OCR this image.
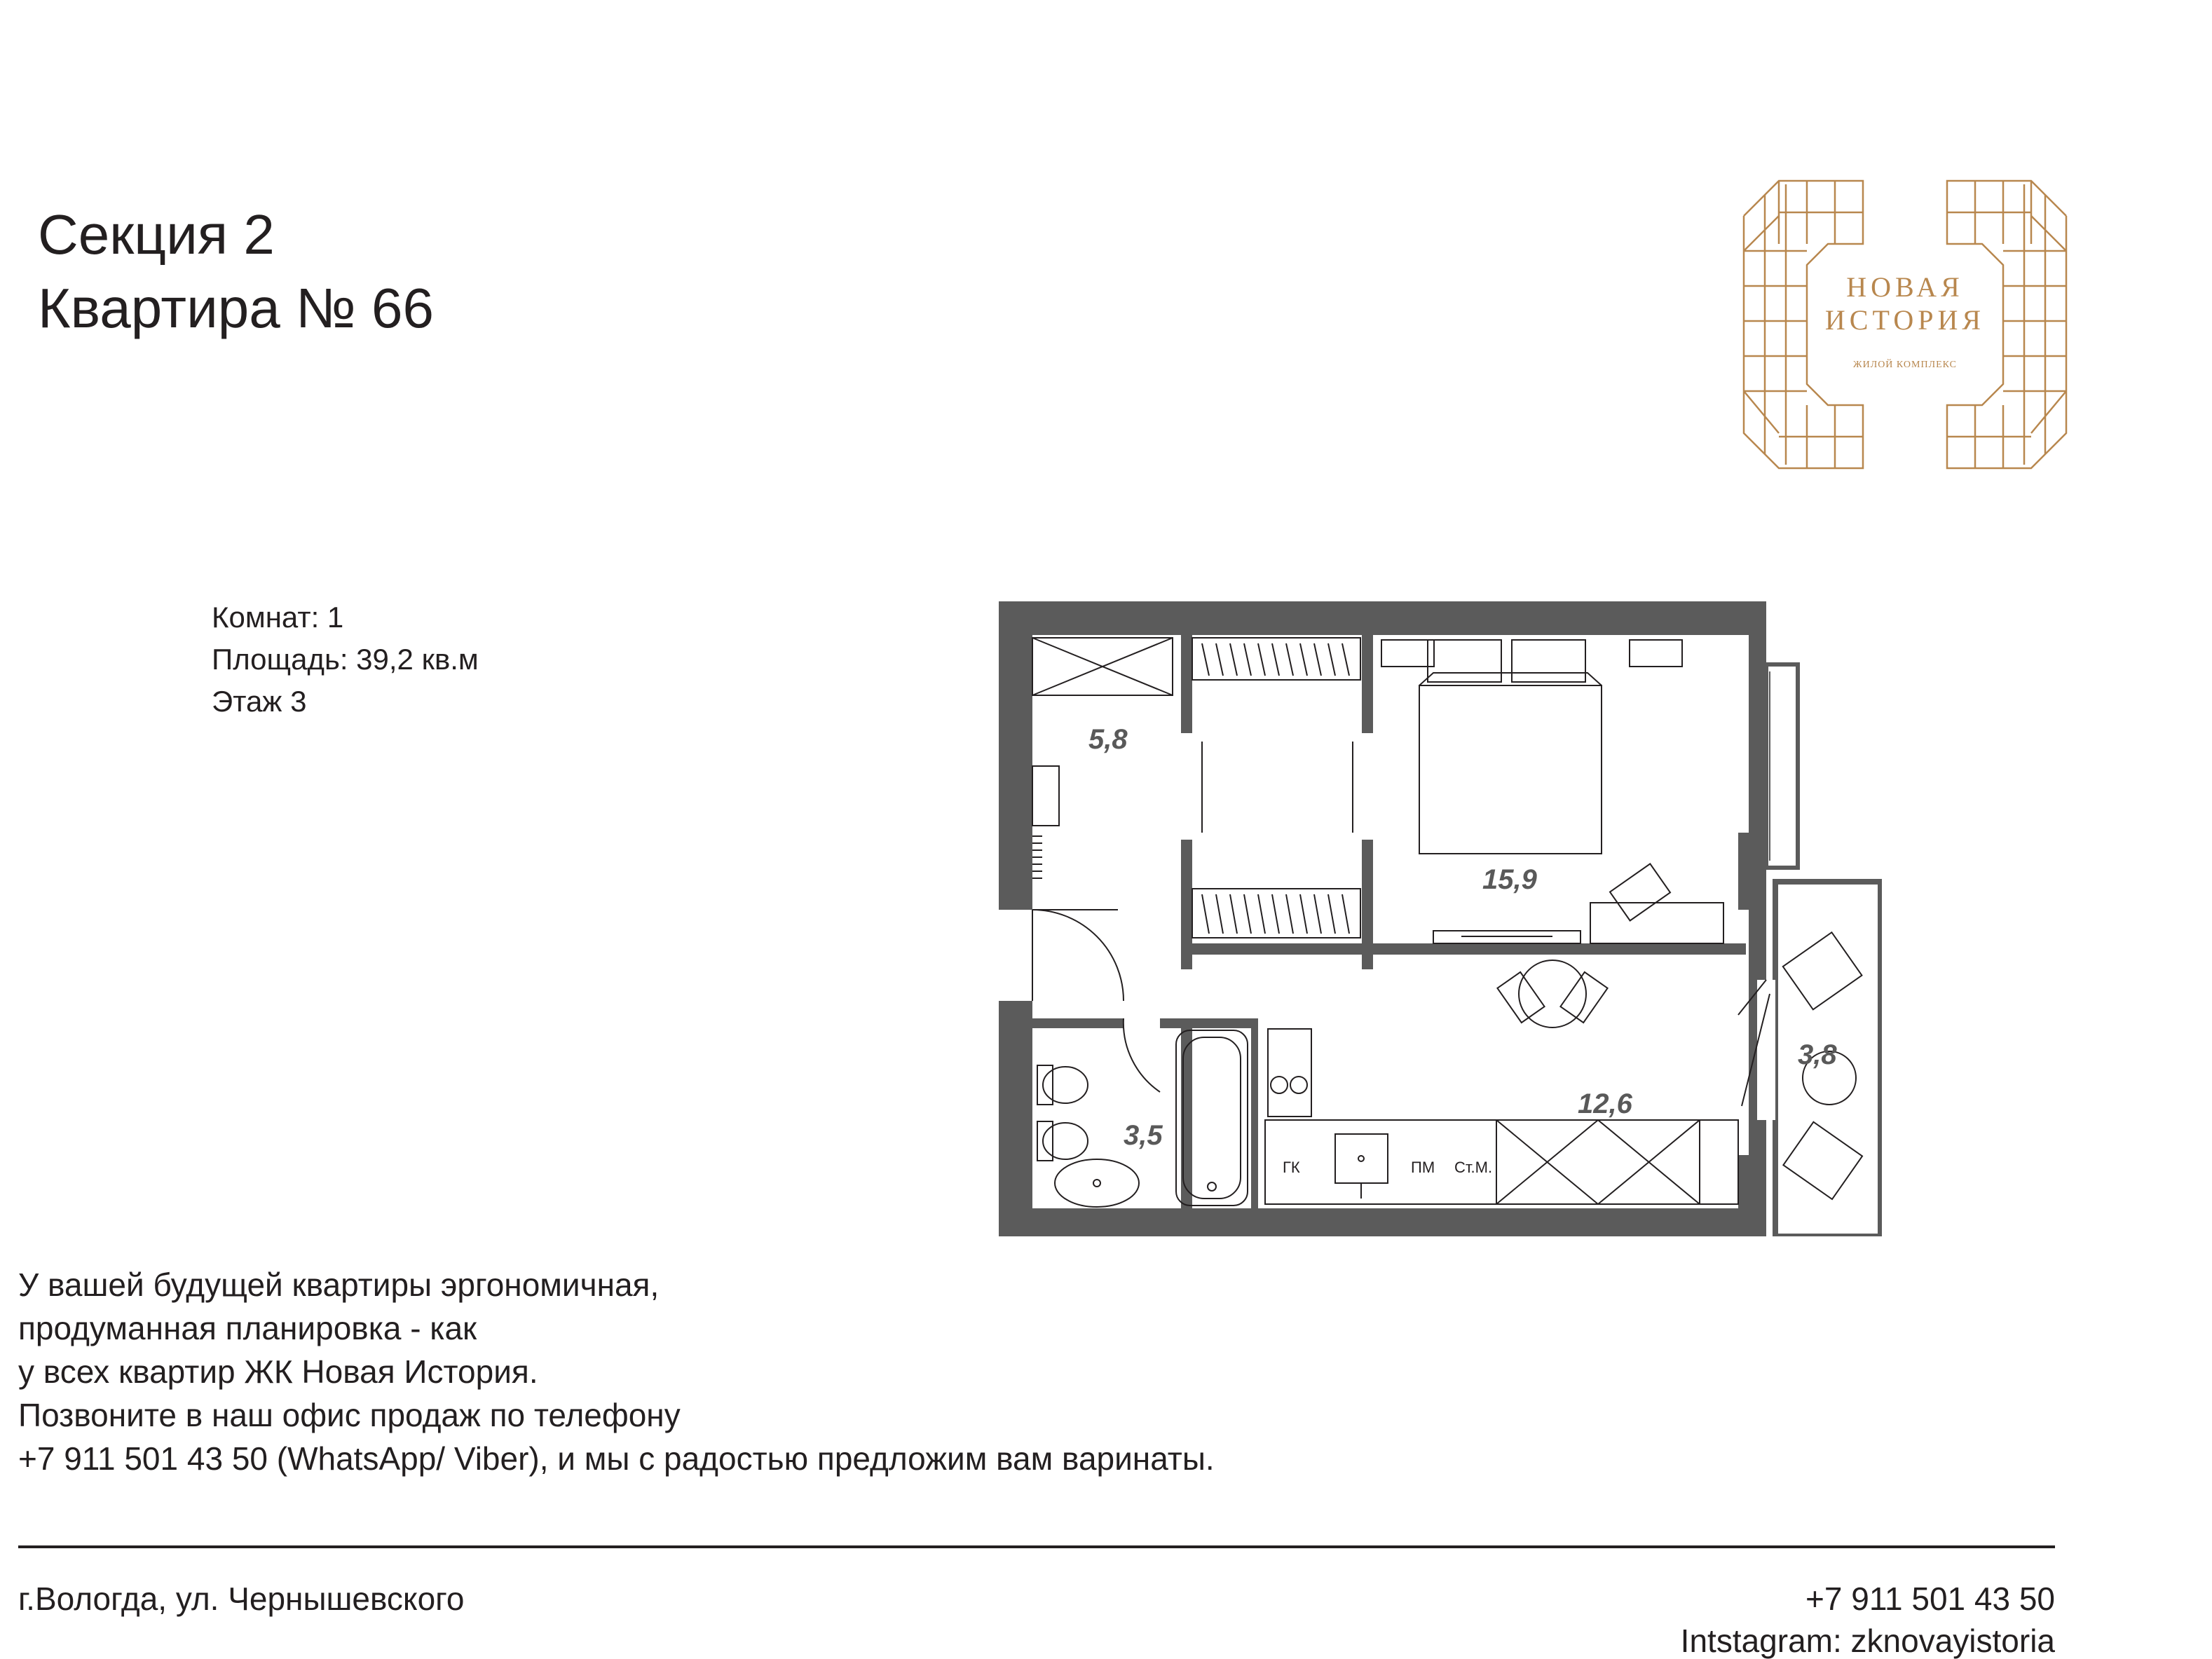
Секция 2
Квартира № 66
Комнат: 1
Площадь: 39,2 кв.м
Этаж 3
НОВАЯ
ИСТОРИЯ
ЖИЛОЙ КОМПЛЕКС
5,8
15,9
12,6
3,5
3,8
ГК	ПМ Ст.М.
У вашей будущей квартиры эргономичная,
продуманная планировка - как
у всех квартир ЖК Новая История.
Позвоните в наш офис продаж по телефону
+7 911 501 43 50 (WhatsApp/ Viber), и мы с радостью предложим вам варинаты.
г.Вологда, ул. Чернышевского	+7 911 501 43 50
Intstagram: zknovayistoria
